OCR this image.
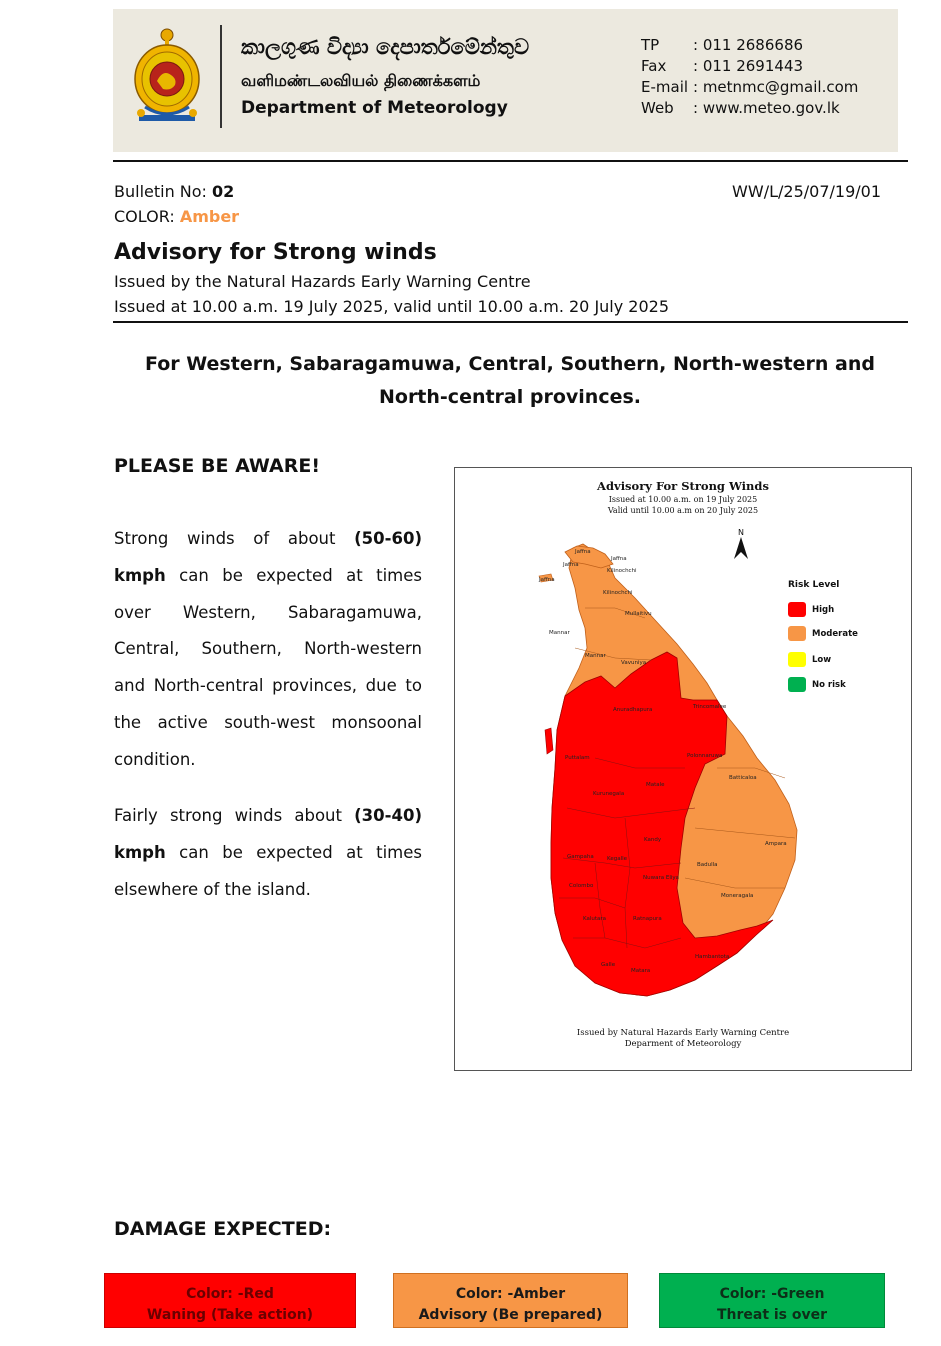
කාලගුණ විද්‍යා දෙපාර්තමේන්තුව
வளிமண்டலவியல் திணைக்களம்
Department of Meteorology
TP : 011 2686686
Fax : 011 2691443
E-mail : metnmc@gmail.com
Web : www.meteo.gov.lk
Bulletin No: 02
COLOR: Amber
WW/L/25/07/19/01
Advisory for Strong winds
Issued by the Natural Hazards Early Warning Centre
Issued at 10.00 a.m. 19 July 2025, valid until 10.00 a.m. 20 July 2025
For Western, Sabaragamuwa, Central, Southern, North-western and North-central provinces.
PLEASE BE AWARE!
Strong winds of about (50-60) kmph can be expected at times over Western, Sabaragamuwa, Central, Southern, North-western and North-central provinces, due to the active south-west monsoonal condition.
Fairly strong winds about (30-40) kmph can be expected at times elsewhere of the island.
Advisory For Strong Winds
Issued at 10.00 a.m. on 19 July 2025
Valid until 10.00 a.m on 20 July 2025
N
Jaffna
Jaffna
Jaffna
Jaffna
Kilinochchi
Kilinochchi
Mullaitivu
Mannar
Mannar
Vavuniya
Trincomalee
Anuradhapura
Polonnaruwa
Puttalam
Batticaloa
Matale
Kurunegala
Kandy
Ampara
Gampaha Kegalle
Badulla
Nuwara Eliya
Colombo
Moneragala
Kalutara	Ratnapura
Hambantota
Galle
Matara
Risk Level
High
Moderate
Low
No risk
Issued by Natural Hazards Early Warning Centre
Deparment of Meteorology
DAMAGE EXPECTED:
Color: -Red
Waning (Take action)
Color: -Amber
Advisory (Be prepared)
Color: -Green
Threat is over
